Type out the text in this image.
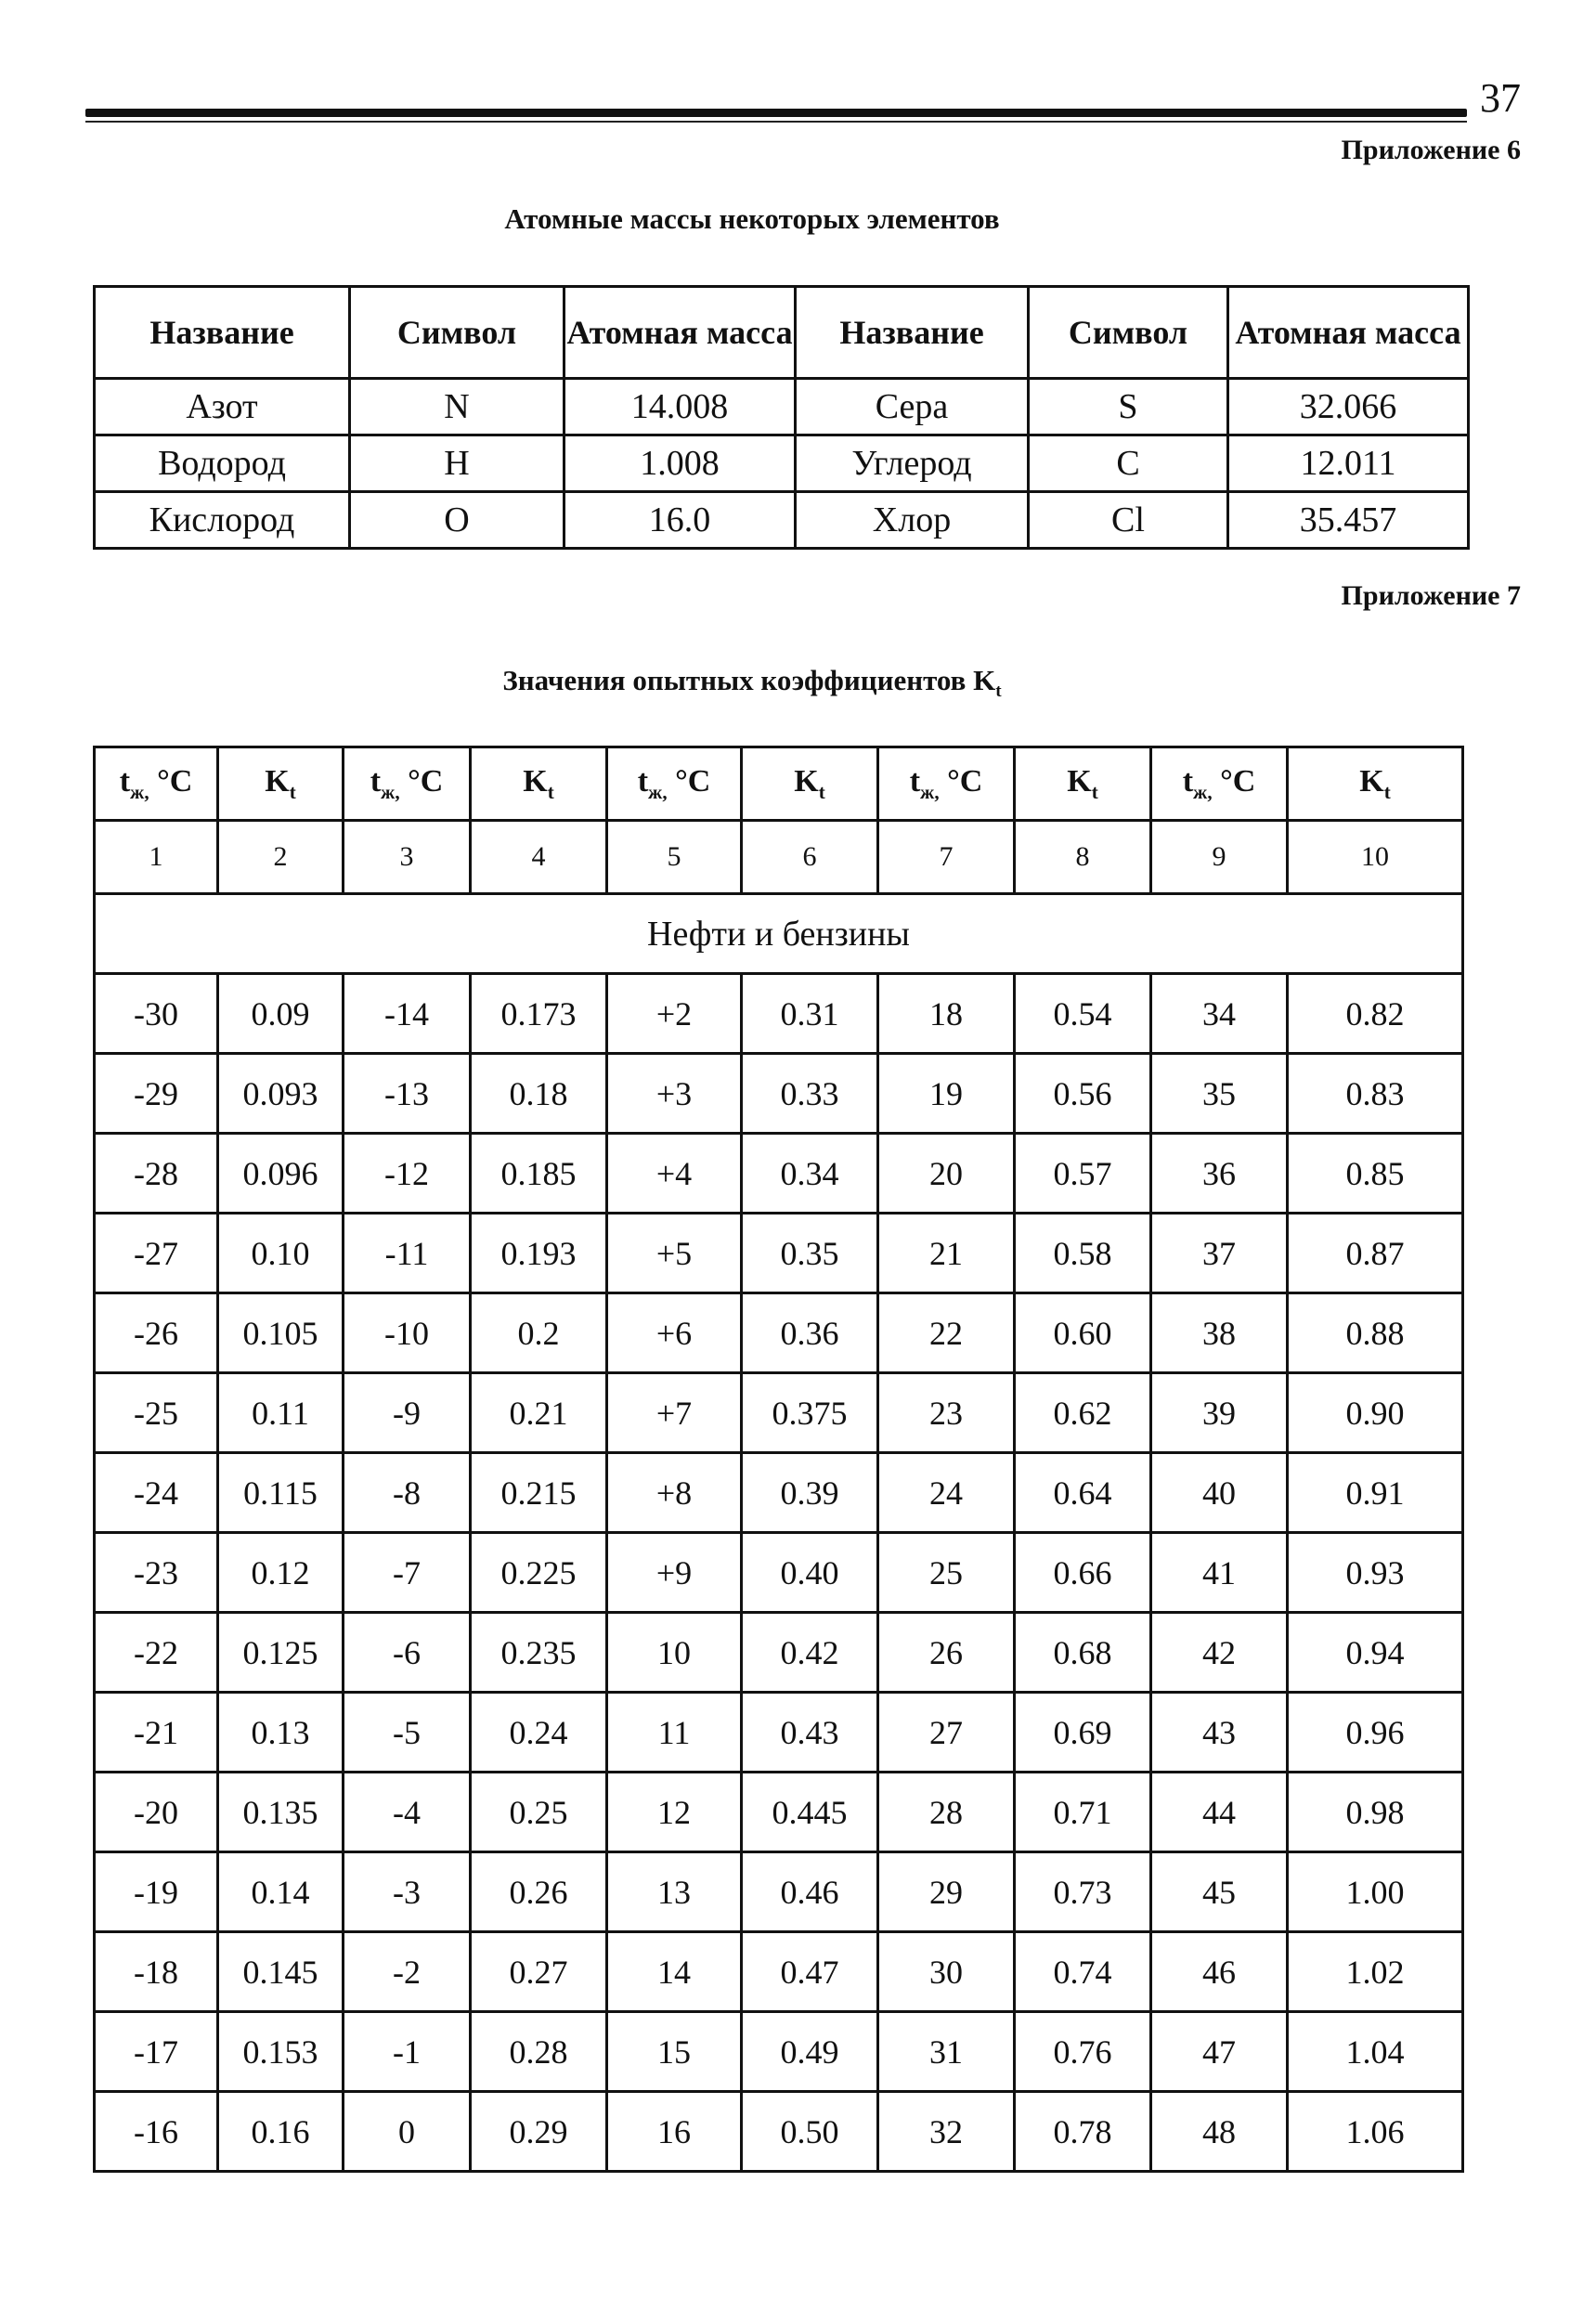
37
Приложение 6
Атомные массы некоторых элементов
Название	Символ	Атомная масса	Название	Символ	Атомная масса
Азот	N	14.008	Сера	S	32.066
Водород	H	1.008	Углерод	C	12.011
Кислород	O	16.0	Хлор	Cl	35.457
Приложение 7
Значения опытных коэффициентов $K_t$
$t_{ж,}$ °C	$K_t$	$t_{ж,}$ °C	$K_t$	$t_{ж,}$ °C	$K_t$	$t_{ж,}$ °C	$K_t$	$t_{ж,}$ °C	$K_t$
1	2	3	4	5	6	7	8	9	10
Нефти и бензины									
-30	0.09	-14	0.173	+2	0.31	18	0.54	34	0.82
-29	0.093	-13	0.18	+3	0.33	19	0.56	35	0.83
-28	0.096	-12	0.185	+4	0.34	20	0.57	36	0.85
-27	0.10	-11	0.193	+5	0.35	21	0.58	37	0.87
-26	0.105	-10	0.2	+6	0.36	22	0.60	38	0.88
-25	0.11	-9	0.21	+7	0.375	23	0.62	39	0.90
-24	0.115	-8	0.215	+8	0.39	24	0.64	40	0.91
-23	0.12	-7	0.225	+9	0.40	25	0.66	41	0.93
-22	0.125	-6	0.235	10	0.42	26	0.68	42	0.94
-21	0.13	-5	0.24	11	0.43	27	0.69	43	0.96
-20	0.135	-4	0.25	12	0.445	28	0.71	44	0.98
-19	0.14	-3	0.26	13	0.46	29	0.73	45	1.00
-18	0.145	-2	0.27	14	0.47	30	0.74	46	1.02
-17	0.153	-1	0.28	15	0.49	31	0.76	47	1.04
-16	0.16	0	0.29	16	0.50	32	0.78	48	1.06
